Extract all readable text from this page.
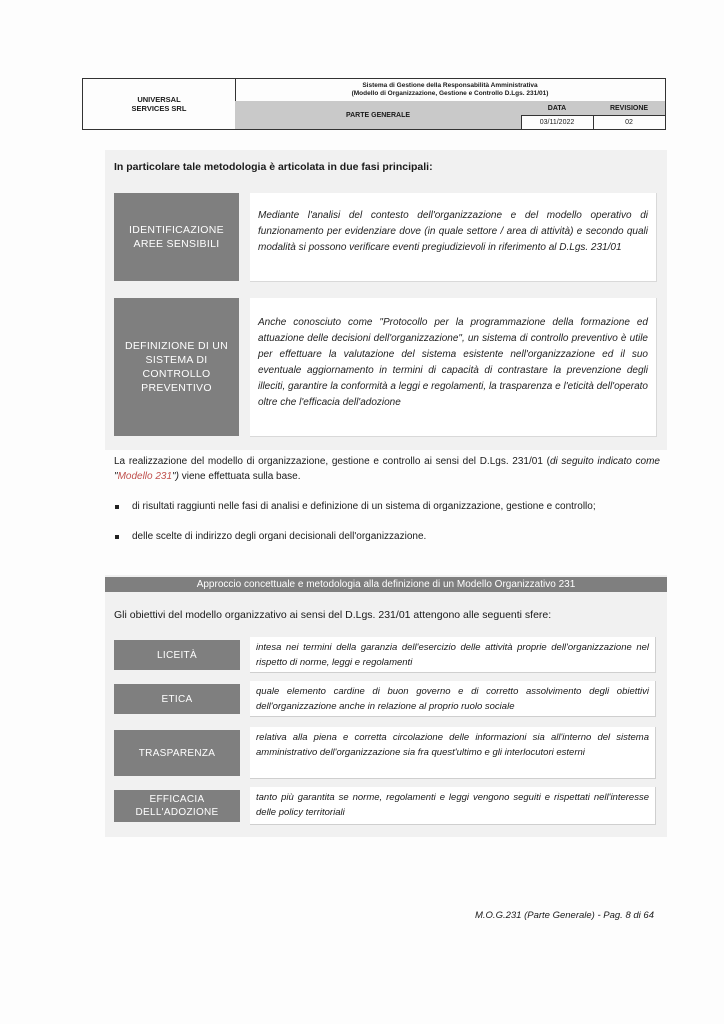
UNIVERSAL
SERVICES SRL
Sistema di Gestione della Responsabilità Amministrativa
(Modello di Organizzazione, Gestione e Controllo D.Lgs. 231/01)
PARTE GENERALE
DATA	REVISIONE
03/11/2022	02
In particolare tale metodologia è articolata in due fasi principali:
IDENTIFICAZIONE
AREE SENSIBILI
Mediante l'analisi del contesto dell'organizzazione e del modello operativo di funzionamento per evidenziare dove (in quale settore / area di attività) e secondo quali modalità si possono verificare eventi pregiudizievoli in riferimento al D.Lgs. 231/01
DEFINIZIONE DI UN
SISTEMA DI
CONTROLLO
PREVENTIVO
Anche conosciuto come "Protocollo per la programmazione della formazione ed attuazione delle decisioni dell'organizzazione", un sistema di controllo preventivo è utile per effettuare la valutazione del sistema esistente nell'organizzazione ed il suo eventuale aggiornamento in termini di capacità di contrastare la prevenzione degli illeciti, garantire la conformità a leggi e regolamenti, la trasparenza e l'eticità dell'operato oltre che l'efficacia dell'adozione
La realizzazione del modello di organizzazione, gestione e controllo ai sensi del D.Lgs. 231/01 (di seguito indicato come "Modello 231") viene effettuata sulla base.
di risultati raggiunti nelle fasi di analisi e definizione di un sistema di organizzazione, gestione e controllo;
delle scelte di indirizzo degli organi decisionali dell'organizzazione.
Approccio concettuale e metodologia alla definizione di un Modello Organizzativo 231
Gli obiettivi del modello organizzativo ai sensi del D.Lgs. 231/01 attengono alle seguenti sfere:
LICEITÀ
intesa nei termini della garanzia dell'esercizio delle attività proprie dell'organizzazione nel rispetto di norme, leggi e regolamenti
ETICA
quale elemento cardine di buon governo e di corretto assolvimento degli obiettivi dell'organizzazione anche in relazione al proprio ruolo sociale
TRASPARENZA
relativa alla piena e corretta circolazione delle informazioni sia all'interno del sistema amministrativo dell'organizzazione sia fra quest'ultimo e gli interlocutori esterni
EFFICACIA
DELL'ADOZIONE
tanto più garantita se norme, regolamenti e leggi vengono seguiti e rispettati nell'interesse delle policy territoriali
M.O.G.231 (Parte Generale) - Pag. 8 di 64
